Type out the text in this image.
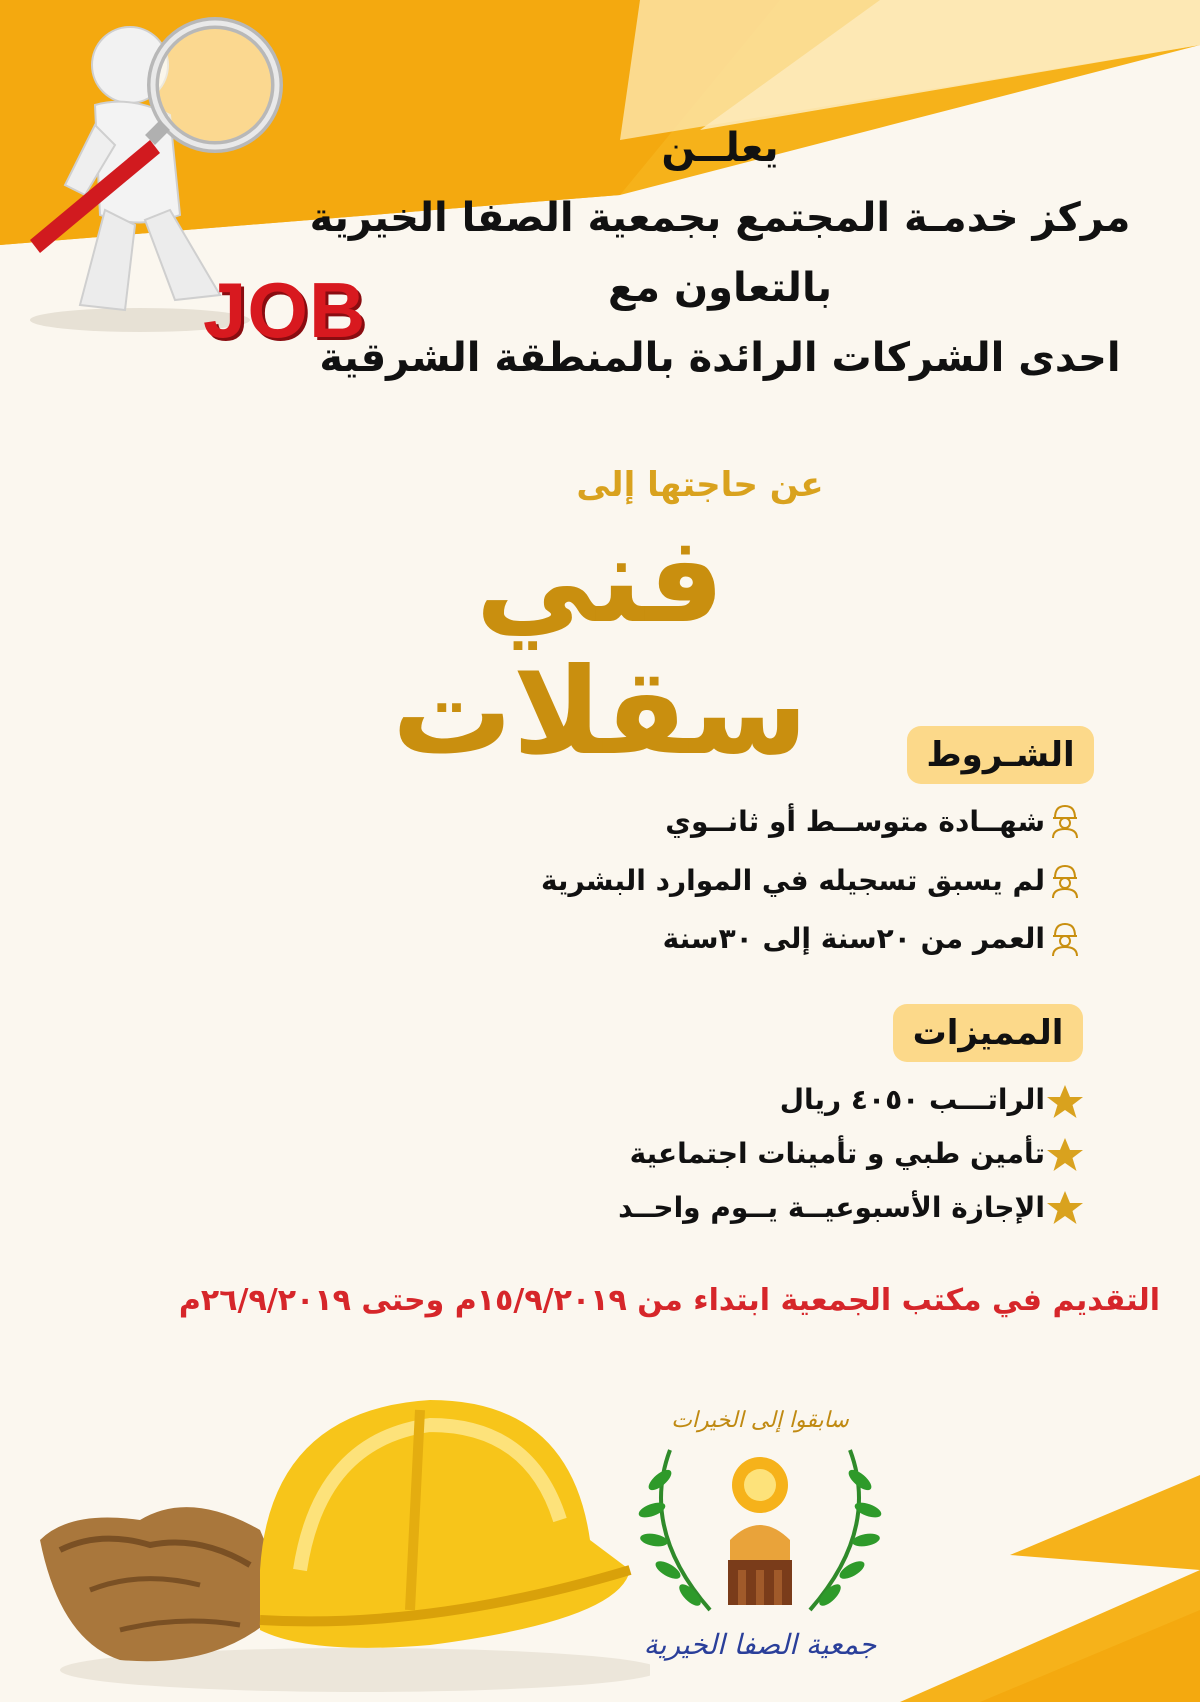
JOB
يعلــن
مركز خدمـة المجتمع بجمعية الصفا الخيرية
بالتعاون مع
احدى الشركات الرائدة بالمنطقة الشرقية
عن حاجتها إلى
فني سقلات	الشـروط
شهــادة متوســط أو ثانــوي
لم يسبق تسجيله في الموارد البشرية
العمر من ٢٠سنة إلى ٣٠سنة
المميزات
الراتـــب ٤٠٥٠ ريال
تأمين طبي و تأمينات اجتماعية
الإجازة الأسبوعيــة يــوم واحــد
التقديم في مكتب الجمعية ابتداء من ١٥/٩/٢٠١٩م وحتى ٢٦/٩/٢٠١٩م
سابقوا إلى الخيرات
جمعية الصفا الخيرية
